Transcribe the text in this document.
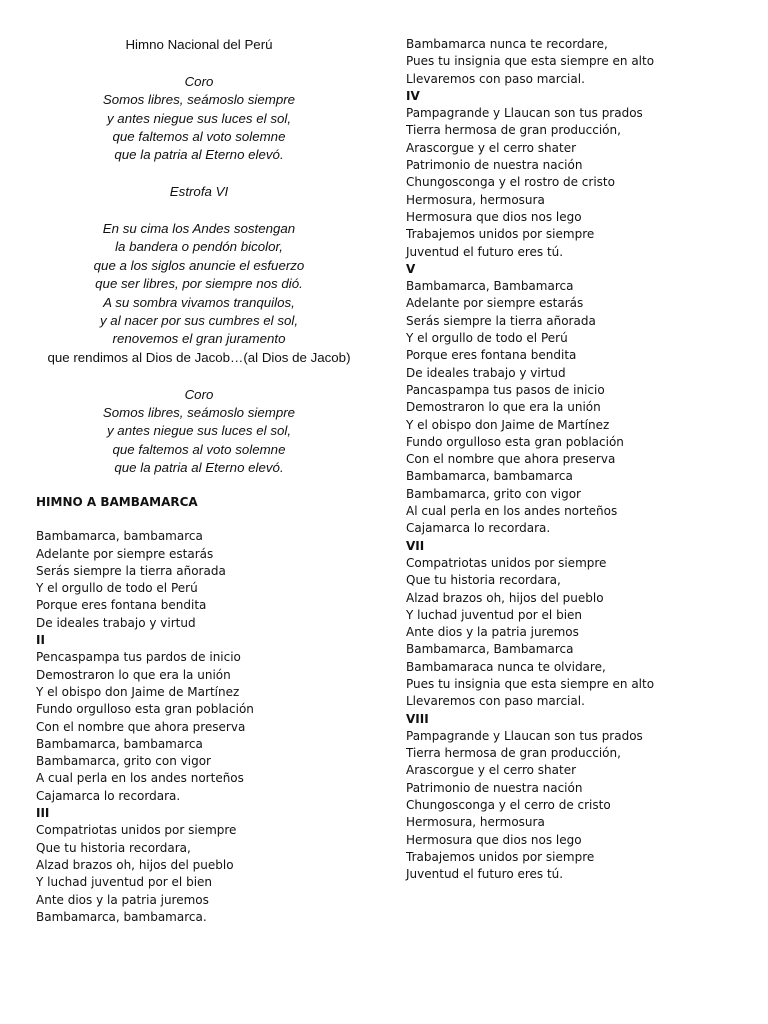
Himno Nacional del Perú
Coro
Somos libres, seámoslo siempre
y antes niegue sus luces el sol,
que faltemos al voto solemne
que la patria al Eterno elevó.
Estrofa VI
En su cima los Andes sostengan
la bandera o pendón bicolor,
que a los siglos anuncie el esfuerzo
que ser libres, por siempre nos dió.
A su sombra vivamos tranquilos,
y al nacer por sus cumbres el sol,
renovemos el gran juramento
que rendimos al Dios de Jacob…(al Dios de Jacob)
Coro
Somos libres, seámoslo siempre
y antes niegue sus luces el sol,
que faltemos al voto solemne
que la patria al Eterno elevó.
HIMNO A BAMBAMARCA
Bambamarca, bambamarca
Adelante por siempre estarás
Serás siempre la tierra añorada
Y el orgullo de todo el Perú
Porque eres fontana bendita
De ideales trabajo y virtud
II
Pencaspampa tus pardos de inicio
Demostraron lo que era la unión
Y el obispo don Jaime de Martínez
Fundo orgulloso esta gran población
Con el nombre que ahora preserva
Bambamarca, bambamarca
Bambamarca, grito con vigor
A cual perla en los andes norteños
Cajamarca lo recordara.
III
Compatriotas unidos por siempre
Que tu historia recordara,
Alzad brazos oh, hijos del pueblo
Y luchad juventud por el bien
Ante dios y la patria juremos
Bambamarca, bambamarca.
Bambamarca nunca te recordare,
Pues tu insignia que esta siempre en alto
Llevaremos con paso marcial.
IV
Pampagrande y Llaucan son tus prados
Tierra hermosa de gran producción,
Arascorgue y el cerro shater
Patrimonio de nuestra nación
Chungosconga y el rostro de cristo
Hermosura, hermosura
Hermosura que dios nos lego
Trabajemos unidos por siempre
Juventud el futuro eres tú.
V
Bambamarca, Bambamarca
Adelante por siempre estarás
Serás siempre la tierra añorada
Y el orgullo de todo el Perú
Porque eres fontana bendita
De ideales trabajo y virtud
Pancaspampa tus pasos de inicio
Demostraron lo que era la unión
Y el obispo don Jaime de Martínez
Fundo orgulloso esta gran población
Con el nombre que ahora preserva
Bambamarca, bambamarca
Bambamarca, grito con vigor
Al cual perla en los andes norteños
Cajamarca lo recordara.
VII
Compatriotas unidos por siempre
Que tu historia recordara,
Alzad brazos oh, hijos del pueblo
Y luchad juventud por el bien
Ante dios y la patria juremos
Bambamarca, Bambamarca
Bambamaraca nunca te olvidare,
Pues tu insignia que esta siempre en alto
Llevaremos con paso marcial.
VIII
Pampagrande y Llaucan son tus prados
Tierra hermosa de gran producción,
Arascorgue y el cerro shater
Patrimonio de nuestra nación
Chungosconga y el cerro de cristo
Hermosura, hermosura
Hermosura que dios nos lego
Trabajemos unidos por siempre
Juventud el futuro eres tú.
